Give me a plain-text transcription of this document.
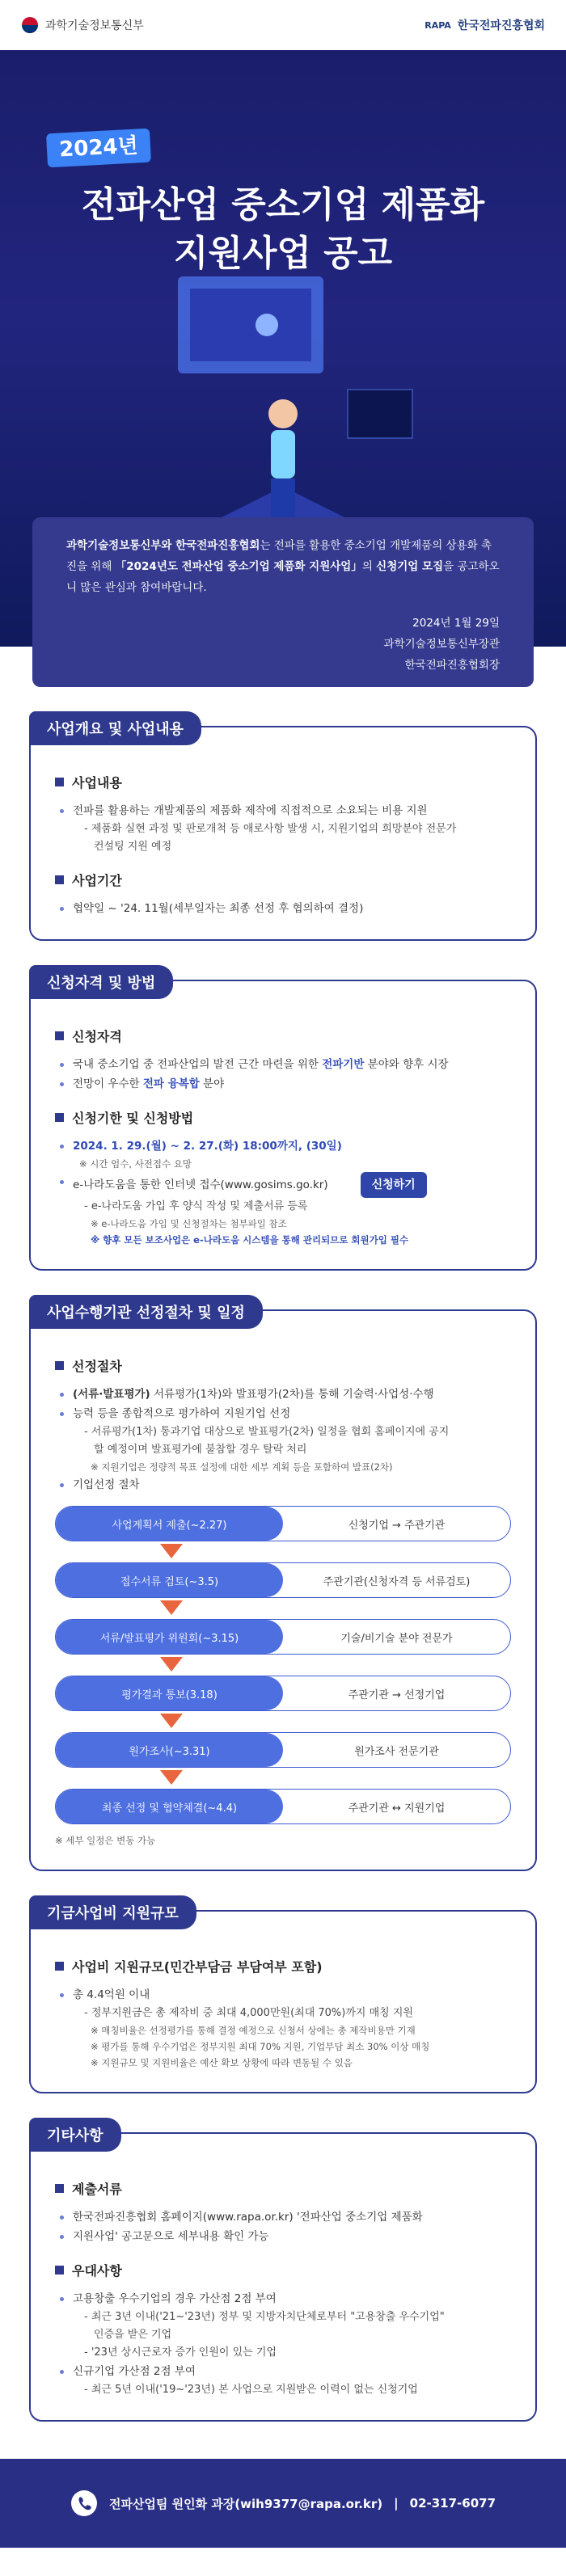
과학기술정보통신부	RAPA 한국전파진흥협회
2024년
전파산업 중소기업 제품화
지원사업 공고
과학기술정보통신부와 한국전파진흥협회는 전파를 활용한 중소기업 개발제품의 상용화 촉진을 위해 「2024년도 전파산업 중소기업 제품화 지원사업」의 신청기업 모집을 공고하오니 많은 관심과 참여바랍니다.
2024년 1월 29일
과학기술정보통신부장관
한국전파진흥협회장
사업개요 및 사업내용
사업내용
전파를 활용하는 개발제품의 제품화 제작에 직접적으로 소요되는 비용 지원
- 제품화 실현 과정 및 판로개척 등 애로사항 발생 시, 지원기업의 희망분야 전문가
컨설팅 지원 예정
사업기간
협약일 ~ '24. 11월(세부일자는 최종 선정 후 협의하여 결정)
신청자격 및 방법
신청자격
국내 중소기업 중 전파산업의 발전 근간 마련을 위한 전파기반 분야와 향후 시장
전망이 우수한 전파 융복합 분야
신청기한 및 신청방법
2024. 1. 29.(월) ~ 2. 27.(화) 18:00까지, (30일)
※ 시간 엄수, 사전접수 요망
e-나라도움을 통한 인터넷 접수(www.gosims.go.kr)	신청하기
- e-나라도움 가입 후 양식 작성 및 제출서류 등록
※ e-나라도움 가입 및 신청절차는 첨부파일 참조
※ 향후 모든 보조사업은 e-나라도움 시스템을 통해 관리되므로 회원가입 필수
사업수행기관 선정절차 및 일정
선정절차
(서류·발표평가) 서류평가(1차)와 발표평가(2차)를 통해 기술력·사업성·수행
능력 등을 종합적으로 평가하여 지원기업 선정
- 서류평가(1차) 통과기업 대상으로 발표평가(2차) 일정을 협회 홈페이지에 공지
할 예정이며 발표평가에 불참할 경우 탈락 처리
※ 지원기업은 정량적 목표 설정에 대한 세부 계획 등을 포함하여 발표(2차)
기업선정 절차
사업계획서 제출(~2.27)	신청기업 → 주관기관
접수서류 검토(~3.5)	주관기관(신청자격 등 서류검토)
서류/발표평가 위원회(~3.15)	기술/비기술 분야 전문가
평가결과 통보(3.18)	주관기관 → 선정기업
원가조사(~3.31)	원가조사 전문기관
최종 선정 및 협약체결(~4.4)	주관기관 ↔ 지원기업
※ 세부 일정은 변동 가능
기금사업비 지원규모
사업비 지원규모(민간부담금 부담여부 포함)
총 4.4억원 이내
- 정부지원금은 총 제작비 중 최대 4,000만원(최대 70%)까지 매칭 지원
※ 매칭비율은 선정평가를 통해 결정 예정으로 신청서 상에는 총 제작비용만 기재
※ 평가를 통해 우수기업은 정부지원 최대 70% 지원, 기업부담 최소 30% 이상 매칭
※ 지원규모 및 지원비율은 예산 확보 상황에 따라 변동될 수 있음
기타사항
제출서류
한국전파진흥협회 홈페이지(www.rapa.or.kr) '전파산업 중소기업 제품화
지원사업' 공고문으로 세부내용 확인 가능
우대사항
고용창출 우수기업의 경우 가산점 2점 부여
- 최근 3년 이내('21~'23년) 정부 및 지방자치단체로부터 "고용창출 우수기업"
인증을 받은 기업
- '23년 상시근로자 증가 인원이 있는 기업
신규기업 가산점 2점 부여
- 최근 5년 이내('19~'23년) 본 사업으로 지원받은 이력이 없는 신청기업
전파산업팀 원인화 과장(wih9377@rapa.or.kr) | 02-317-6077
